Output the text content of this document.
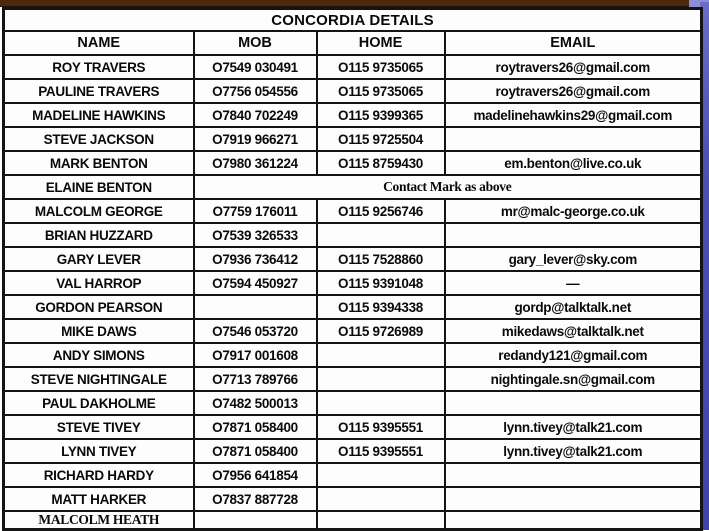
CONCORDIA DETAILS			
NAME	MOB	HOME	EMAIL
ROY TRAVERS	O7549 030491	O115 9735065	roytravers26@gmail.com
PAULINE TRAVERS	O7756 054556	O115 9735065	roytravers26@gmail.com
MADELINE HAWKINS	O7840 702249	O115 9399365	madelinehawkins29@gmail.com
STEVE JACKSON	O7919 966271	O115 9725504	
MARK BENTON	O7980 361224	O115 8759430	em.benton@live.co.uk
ELAINE BENTON	Contact Mark as above		
MALCOLM GEORGE	O7759 176011	O115 9256746	mr@malc-george.co.uk
BRIAN HUZZARD	O7539 326533		
GARY LEVER	O7936 736412	O115 7528860	gary_lever@sky.com
VAL HARROP	O7594 450927	O115 9391048	—
GORDON PEARSON		O115 9394338	gordp@talktalk.net
MIKE DAWS	O7546 053720	O115 9726989	mikedaws@talktalk.net
ANDY SIMONS	O7917 001608		redandy121@gmail.com
STEVE NIGHTINGALE	O7713 789766		nightingale.sn@gmail.com
PAUL DAKHOLME	O7482 500013		
STEVE TIVEY	O7871 058400	O115 9395551	lynn.tivey@talk21.com
LYNN TIVEY	O7871 058400	O115 9395551	lynn.tivey@talk21.com
RICHARD HARDY	O7956 641854		
MATT HARKER	O7837 887728		
MALCOLM HEATH			
